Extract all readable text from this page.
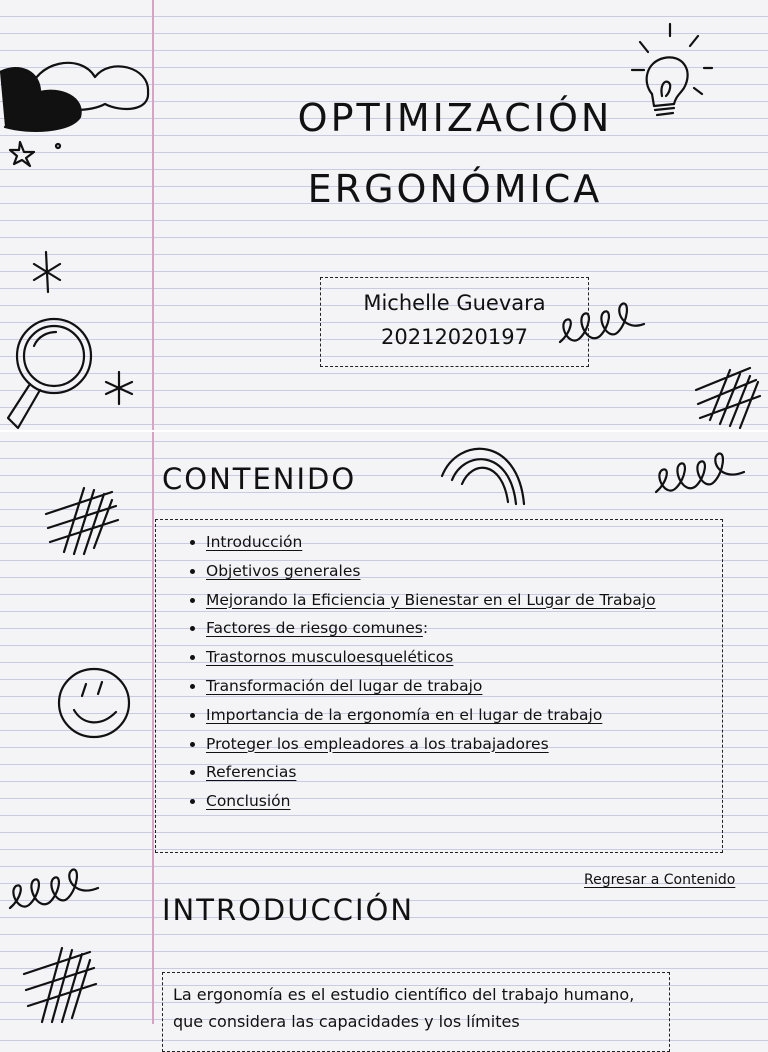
OPTIMIZACIÓN
ERGONÓMICA
Michelle Guevara
20212020197
CONTENIDO
Introducción
Objetivos generales
Mejorando la Eficiencia y Bienestar en el Lugar de Trabajo
Factores de riesgo comunes:
Trastornos musculoesqueléticos
Transformación del lugar de trabajo
Importancia de la ergonomía en el lugar de trabajo
Proteger los empleadores a los trabajadores
Referencias
Conclusión
Regresar a Contenido
INTRODUCCIÓN
La ergonomía es el estudio científico del trabajo humano, que considera las capacidades y los límites
